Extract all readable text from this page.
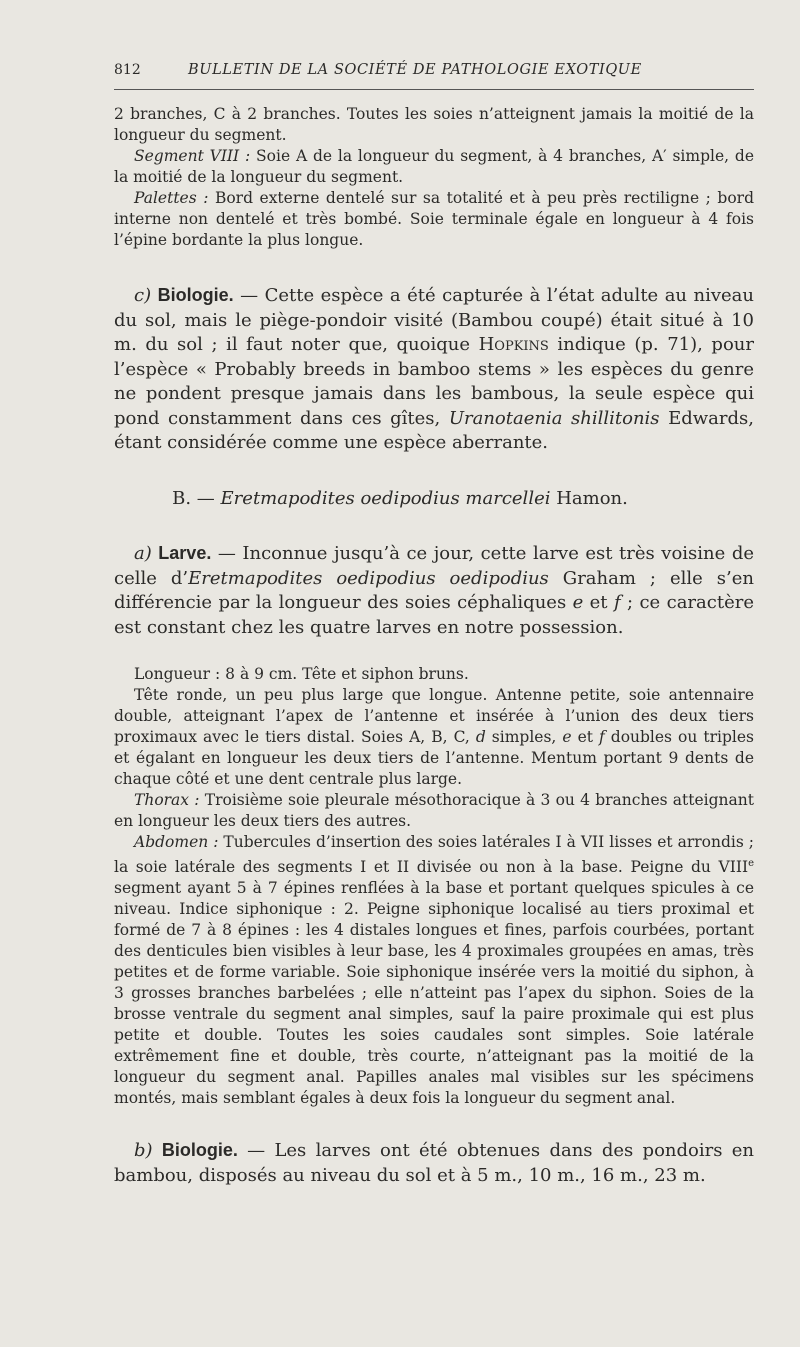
812	BULLETIN DE LA SOCIÉTÉ DE PATHOLOGIE EXOTIQUE

2 branches, C à 2 branches. Toutes les soies n’atteignent jamais la moitié de la longueur du segment.

Segment VIII : Soie A de la longueur du segment, à 4 branches, A′ simple, de la moitié de la longueur du segment.

Palettes : Bord externe dentelé sur sa totalité et à peu près rectiligne ; bord interne non dentelé et très bombé. Soie terminale égale en longueur à 4 fois l’épine bordante la plus longue.

c) Biologie. — Cette espèce a été capturée à l’état adulte au niveau du sol, mais le piège-pondoir visité (Bambou coupé) était situé à 10 m. du sol ; il faut noter que, quoique Hopkins indique (p. 71), pour l’espèce « Probably breeds in bamboo stems » les espèces du genre ne pondent presque jamais dans les bambous, la seule espèce qui pond constamment dans ces gîtes, Uranotaenia shillitonis Edwards, étant considérée comme une espèce aberrante.

B. — Eretmapodites oedipodius marcellei Hamon.

a) Larve. — Inconnue jusqu’à ce jour, cette larve est très voisine de celle d’Eretmapodites oedipodius oedipodius Graham ; elle s’en différencie par la longueur des soies céphaliques e et f ; ce caractère est constant chez les quatre larves en notre possession.

Longueur : 8 à 9 cm. Tête et siphon bruns.

Tête ronde, un peu plus large que longue. Antenne petite, soie antennaire double, atteignant l’apex de l’antenne et insérée à l’union des deux tiers proximaux avec le tiers distal. Soies A, B, C, d simples, e et f doubles ou triples et égalant en longueur les deux tiers de l’antenne. Mentum portant 9 dents de chaque côté et une dent centrale plus large.

Thorax : Troisième soie pleurale mésothoracique à 3 ou 4 branches atteignant en longueur les deux tiers des autres.

Abdomen : Tubercules d’insertion des soies latérales I à VII lisses et arrondis ; la soie latérale des segments I et II divisée ou non à la base. Peigne du VIIIe segment ayant 5 à 7 épines renflées à la base et portant quelques spicules à ce niveau. Indice siphonique : 2. Peigne siphonique localisé au tiers proximal et formé de 7 à 8 épines : les 4 distales longues et fines, parfois courbées, portant des denticules bien visibles à leur base, les 4 proximales groupées en amas, très petites et de forme variable. Soie siphonique insérée vers la moitié du siphon, à 3 grosses branches barbelées ; elle n’atteint pas l’apex du siphon. Soies de la brosse ventrale du segment anal simples, sauf la paire proximale qui est plus petite et double. Toutes les soies caudales sont simples. Soie latérale extrêmement fine et double, très courte, n’atteignant pas la moitié de la longueur du segment anal. Papilles anales mal visibles sur les spécimens montés, mais semblant égales à deux fois la longueur du segment anal.

b) Biologie. — Les larves ont été obtenues dans des pondoirs en bambou, disposés au niveau du sol et à 5 m., 10 m., 16 m., 23 m.
